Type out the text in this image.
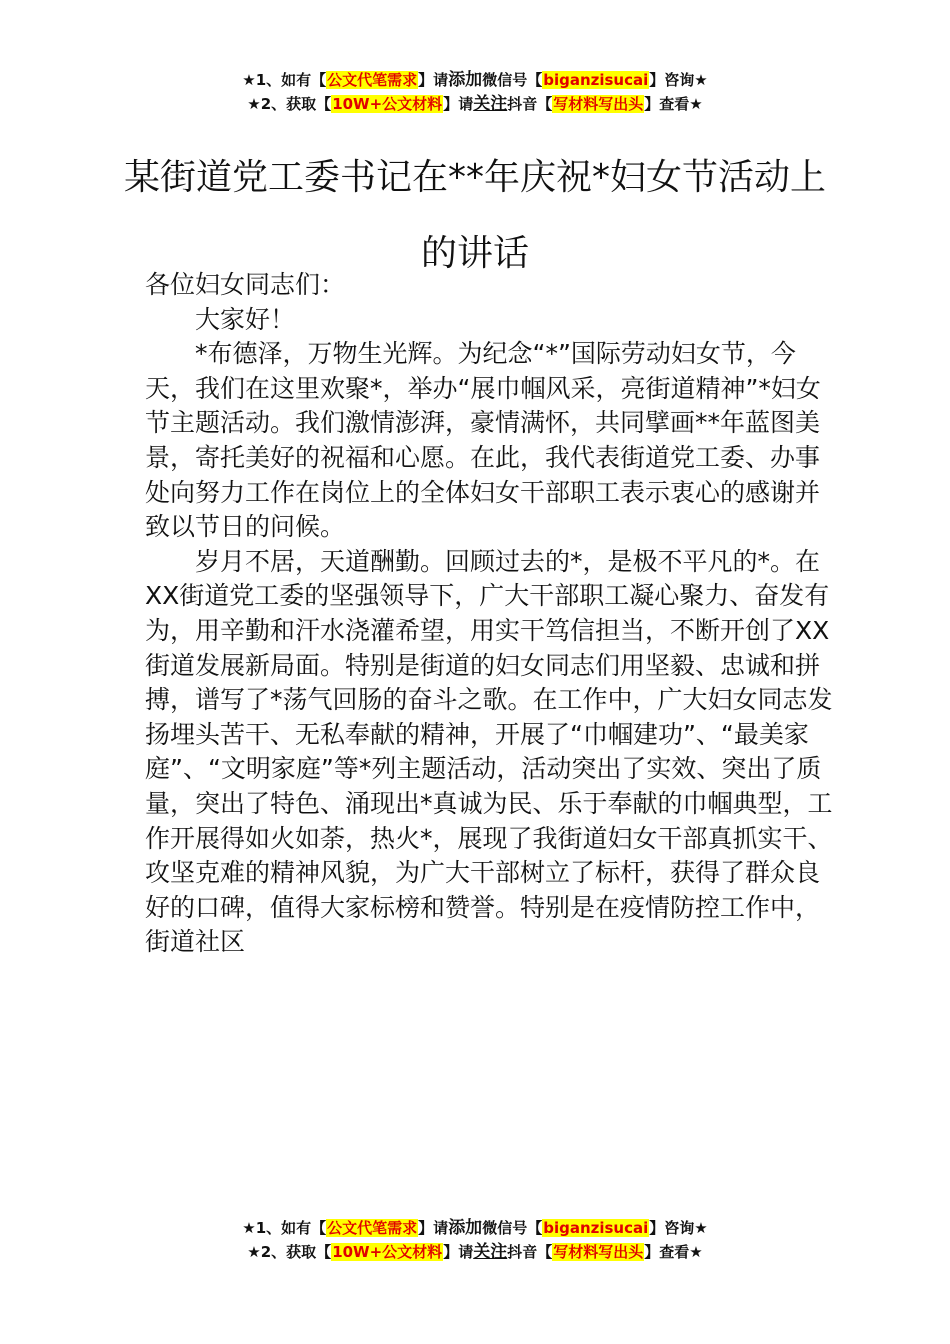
★1、如有【公文代笔需求】请添加微信号【biganzisucai】咨询★
★2、获取【10W+公文材料】请关注抖音【写材料写出头】查看★
某街道党工委书记在**年庆祝*妇女节活动上的讲话

各位妇女同志们：

大家好！

*布德泽，万物生光辉。为纪念“*”国际劳动妇女节，今天，我们在这里欢聚*，举办“展巾帼风采，亮街道精神”*妇女节主题活动。我们激情澎湃，豪情满怀，共同擘画**年蓝图美景，寄托美好的祝福和心愿。在此，我代表街道党工委、办事处向努力工作在岗位上的全体妇女干部职工表示衷心的感谢并致以节日的问候。

岁月不居，天道酬勤。回顾过去的*，是极不平凡的*。在XX街道党工委的坚强领导下，广大干部职工凝心聚力、奋发有为，用辛勤和汗水浇灌希望，用实干笃信担当，不断开创了XX街道发展新局面。特别是街道的妇女同志们用坚毅、忠诚和拼搏，谱写了*荡气回肠的奋斗之歌。在工作中，广大妇女同志发扬埋头苦干、无私奉献的精神，开展了“巾帼建功”、“最美家庭”、“文明家庭”等*列主题活动，活动突出了实效、突出了质量，突出了特色、涌现出*真诚为民、乐于奉献的巾帼典型，工作开展得如火如荼，热火*，展现了我街道妇女干部真抓实干、攻坚克难的精神风貌，为广大干部树立了标杆，获得了群众良好的口碑，值得大家标榜和赞誉。特别是在疫情防控工作中，街道社区

★1、如有【公文代笔需求】请添加微信号【biganzisucai】咨询★
★2、获取【10W+公文材料】请关注抖音【写材料写出头】查看★
